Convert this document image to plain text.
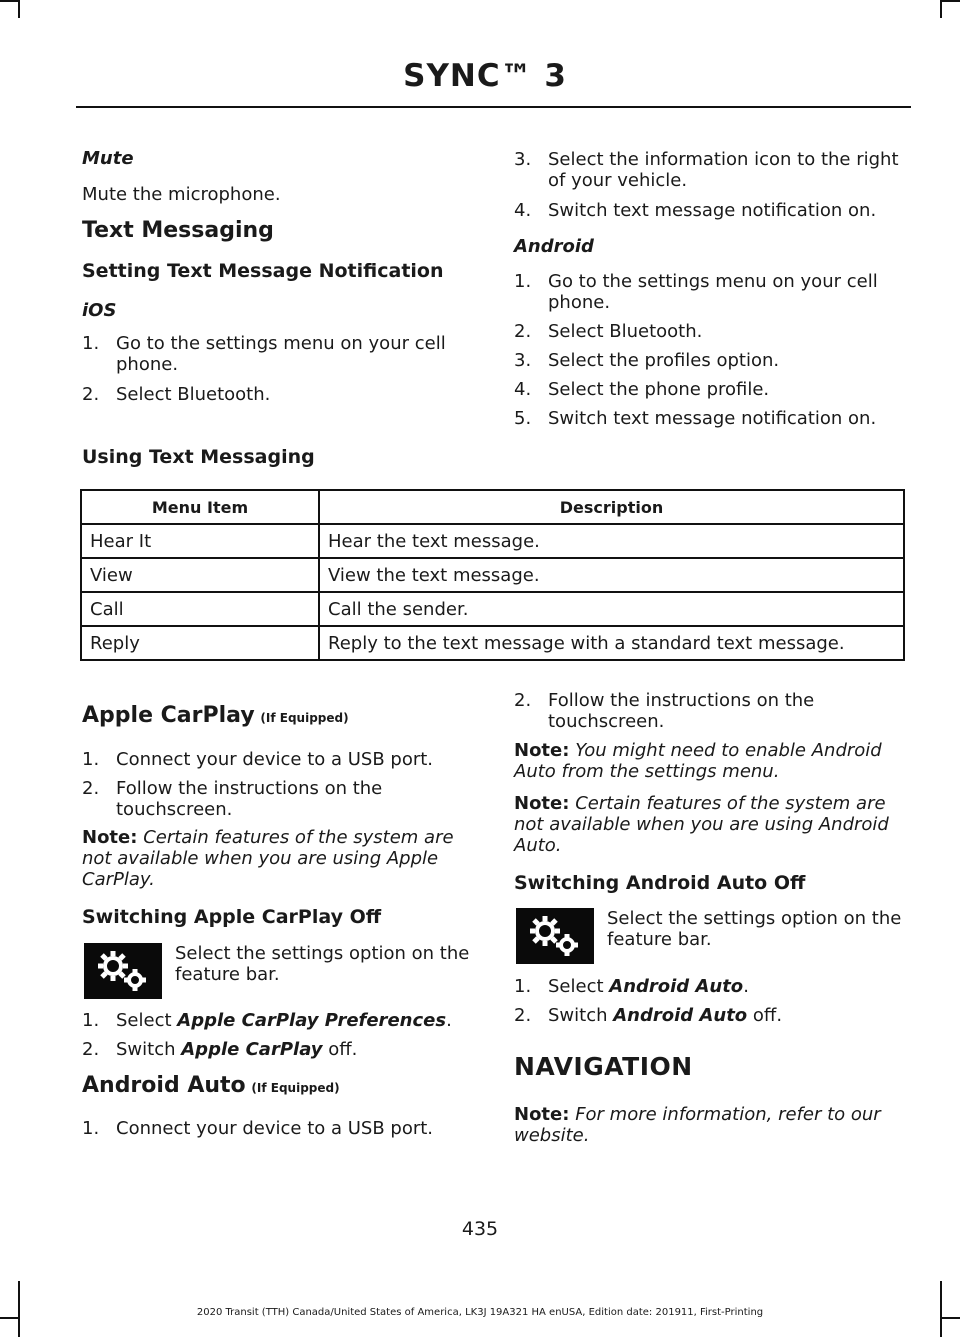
SYNC™ 3
Mute
Mute the microphone.
Text Messaging
Setting Text Message Notification
iOS
1. Go to the settings menu on your cell
phone.
2. Select Bluetooth.
Using Text Messaging
3. Select the information icon to the right
of your vehicle.
4. Switch text message notification on.
Android
1. Go to the settings menu on your cell
phone.
2. Select Bluetooth.
3. Select the profiles option.
4. Select the phone profile.
5. Switch text message notification on.
Menu Item	Description
Hear It	Hear the text message.
View	View the text message.
Call	Call the sender.
Reply	Reply to the text message with a standard text message.
Apple CarPlay (If Equipped)
1. Connect your device to a USB port.
2. Follow the instructions on the
touchscreen.
Note: Certain features of the system are
not available when you are using Apple
CarPlay.
Switching Apple CarPlay Off
Select the settings option on the
feature bar.
1. Select Apple CarPlay Preferences.
2. Switch Apple CarPlay off.
Android Auto (If Equipped)
1. Connect your device to a USB port.
2. Follow the instructions on the
touchscreen.
Note: You might need to enable Android
Auto from the settings menu.
Note: Certain features of the system are
not available when you are using Android
Auto.
Switching Android Auto Off
Select the settings option on the
feature bar.
1. Select Android Auto.
2. Switch Android Auto off.
NAVIGATION
Note: For more information, refer to our
website.
435
2020 Transit (TTH) Canada/United States of America, LK3J 19A321 HA enUSA, Edition date: 201911, First-Printing
